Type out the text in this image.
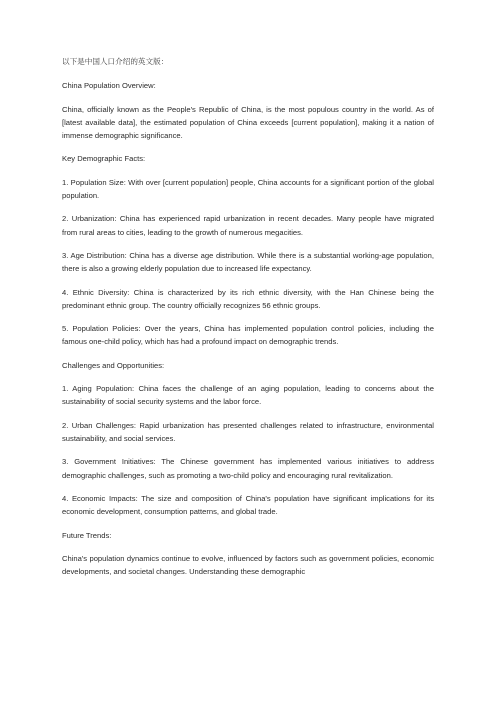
以下是中国人口介绍的英文版：

China Population Overview:

China, officially known as the People's Republic of China, is the most populous country in the world. As of [latest available data], the estimated population of China exceeds [current population], making it a nation of immense demographic significance.

Key Demographic Facts:

1. Population Size: With over [current population] people, China accounts for a significant portion of the global population.

2. Urbanization: China has experienced rapid urbanization in recent decades. Many people have migrated from rural areas to cities, leading to the growth of numerous megacities.

3. Age Distribution: China has a diverse age distribution. While there is a substantial working-age population, there is also a growing elderly population due to increased life expectancy.

4. Ethnic Diversity: China is characterized by its rich ethnic diversity, with the Han Chinese being the predominant ethnic group. The country officially recognizes 56 ethnic groups.

5. Population Policies: Over the years, China has implemented population control policies, including the famous one-child policy, which has had a profound impact on demographic trends.

Challenges and Opportunities:

1. Aging Population: China faces the challenge of an aging population, leading to concerns about the sustainability of social security systems and the labor force.

2. Urban Challenges: Rapid urbanization has presented challenges related to infrastructure, environmental sustainability, and social services.

3. Government Initiatives: The Chinese government has implemented various initiatives to address demographic challenges, such as promoting a two-child policy and encouraging rural revitalization.

4. Economic Impacts: The size and composition of China's population have significant implications for its economic development, consumption patterns, and global trade.

Future Trends:

China's population dynamics continue to evolve, influenced by factors such as government policies, economic developments, and societal changes. Understanding these demographic
